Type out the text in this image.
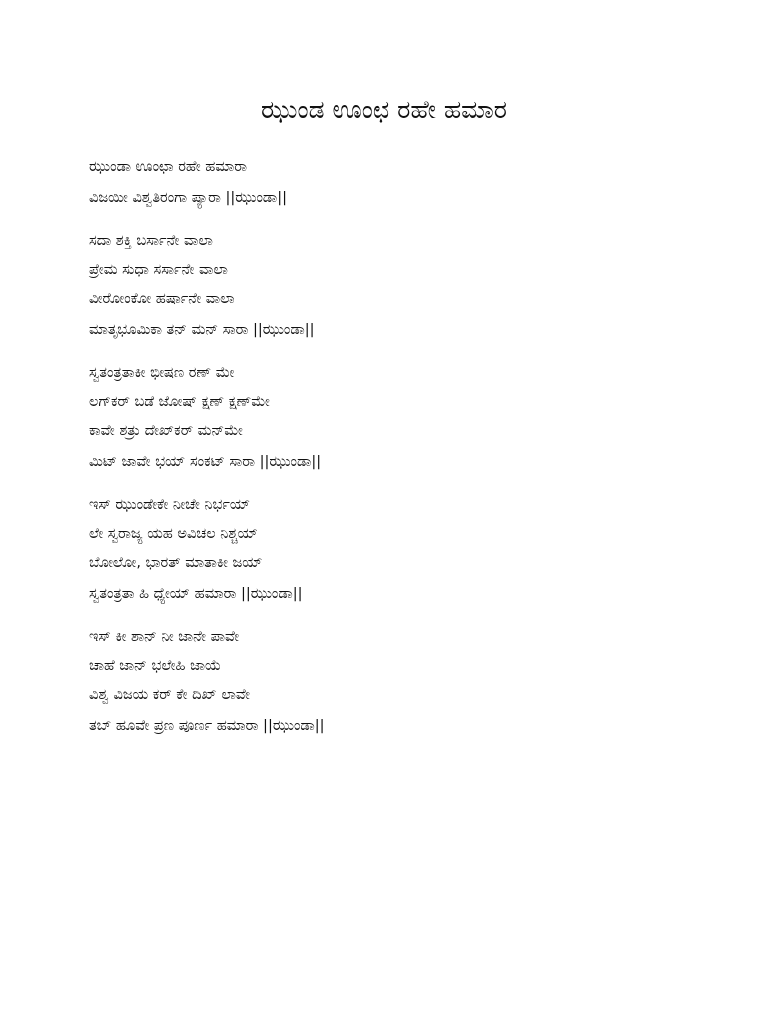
ಝುಂಡ ಊಂಛ ರಹೇ ಹಮಾರ
ಝುಂಡಾ ಊಂಛಾ ರಹೇ ಹಮಾರಾ
ವಿಜಯೀ ವಿಶ್ವತಿರಂಗಾ ಪ್ಯಾರಾ ||ಝುಂಡಾ||
ಸದಾ ಶಕ್ತಿ ಬರ್ಸಾನೇ ವಾಲಾ
ಪ್ರೇಮ ಸುಧಾ ಸರ್ಸಾನೇ ವಾಲಾ
ವೀರೋಂಕೋ ಹರ್ಷಾನೇ ವಾಲಾ
ಮಾತೃಭೂಮಿಕಾ ತನ್ ಮನ್ ಸಾರಾ ||ಝುಂಡಾ||
ಸ್ವತಂತ್ರತಾಕೀ ಭೀಷಣ ರಣ್ ಮೇ
ಲಗ್‌ಕರ್ ಬಡೆ ಜೋಷ್ ಕ್ಷಣ್ ಕ್ಷಣ್‌ಮೇ
ಕಾವೇ ಶತ್ರು ದೇಖ್‌ಕರ್ ಮನ್‌ಮೇ
ಮಿಟ್ ಜಾವೇ ಭಯ್ ಸಂಕಟ್ ಸಾರಾ ||ಝುಂಡಾ||
ಇಸ್ ಝುಂಡೇಕೇ ನೀಚೇ ನಿರ್ಭಯ್
ಲೇ ಸ್ವರಾಜ್ಯ ಯಹ ಅವಿಚಲ ನಿಶ್ಚಯ್
ಬೋಲೋ, ಭಾರತ್ ಮಾತಾಕೀ ಜಯ್
ಸ್ವತಂತ್ರತಾ ಹಿ ಧ್ಯೇಯ್ ಹಮಾರಾ ||ಝುಂಡಾ||
ಇಸ್ ಕೀ ಶಾನ್ ನೀ ಜಾನೇ ಪಾವೇ
ಚಾಹೆ ಜಾನ್ ಭಲೇಹಿ ಜಾಯೆ
ವಿಶ್ವ ವಿಜಯ ಕರ್ ಕೇ ದಿಖ್ ಲಾವೇ
ತಬ್ ಹೂವೇ ಪ್ರಣ ಪೂರ್ಣ ಹಮಾರಾ ||ಝುಂಡಾ||
